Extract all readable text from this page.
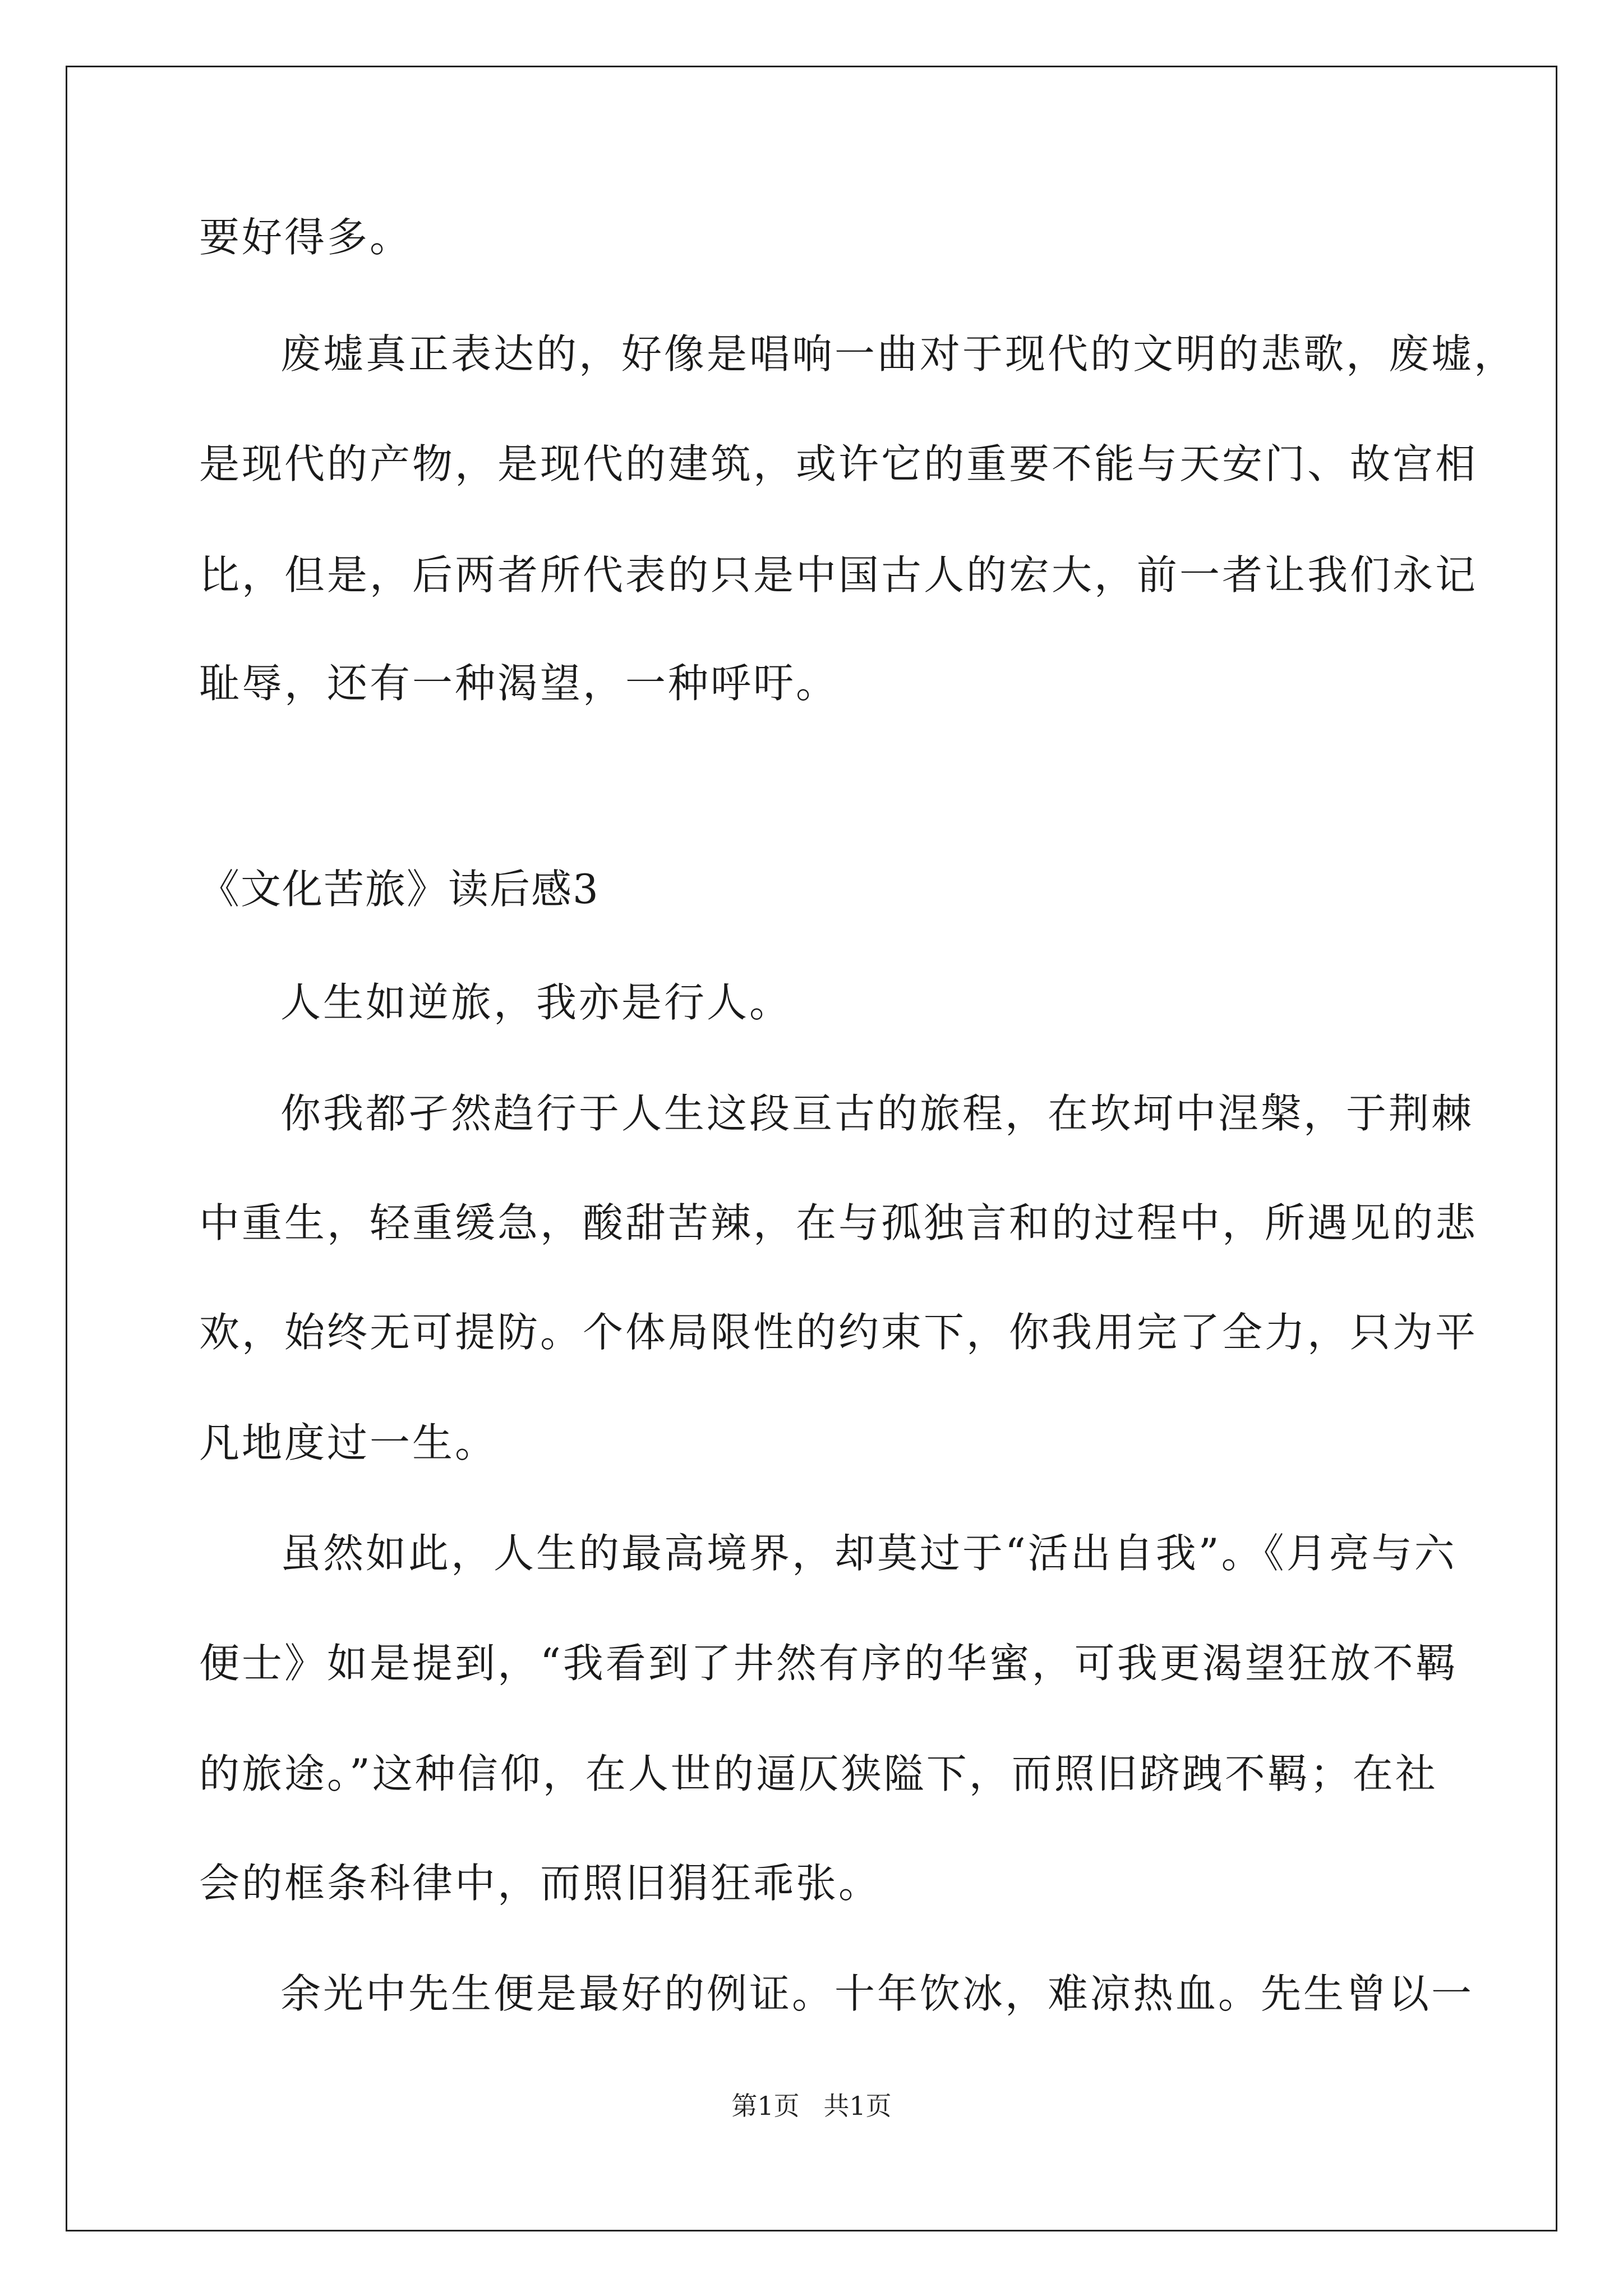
要好得多。
废墟真正表达的，好像是唱响一曲对于现代的文明的悲歌，废墟，
是现代的产物，是现代的建筑，或许它的重要不能与天安门、故宫相
比，但是，后两者所代表的只是中国古人的宏大，前一者让我们永记
耻辱，还有一种渴望，一种呼吁。
《文化苦旅》读后感3
人生如逆旅，我亦是行人。
你我都孑然趋行于人生这段亘古的旅程，在坎坷中涅槃，于荆棘
中重生，轻重缓急，酸甜苦辣，在与孤独言和的过程中，所遇见的悲
欢，始终无可提防。个体局限性的约束下，你我用完了全力，只为平
凡地度过一生。
虽然如此，人生的最高境界，却莫过于“活出自我”。《月亮与六
便士》如是提到，“我看到了井然有序的华蜜，可我更渴望狂放不羁
的旅途。”这种信仰，在人世的逼仄狭隘下，而照旧跻跩不羁；在社
会的框条科律中，而照旧狷狂乖张。
余光中先生便是最好的例证。十年饮冰，难凉热血。先生曾以一
第1页 共1页
